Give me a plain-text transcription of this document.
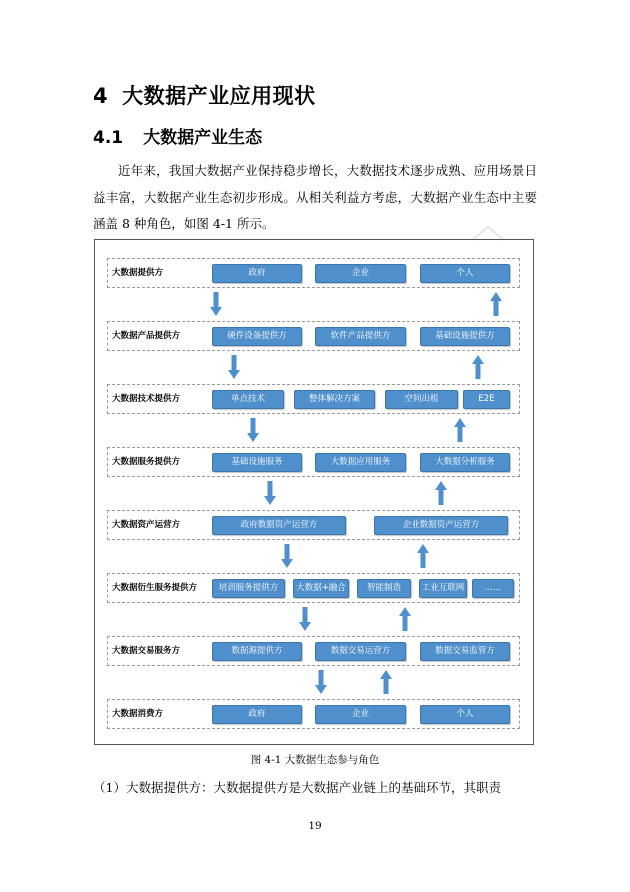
4 大数据产业应用现状
4.1 大数据产业生态
近年来，我国大数据产业保持稳步增长，大数据技术逐步成熟、应用场景日益丰富，大数据产业生态初步形成。从相关利益方考虑，大数据产业生态中主要涵盖 8 种角色，如图 4-1 所示。
大数据提供方	政府	企业	个人
大数据产品提供方	硬件设备提供方	软件产品提供方	基础设施提供方
大数据技术提供方	单点技术	整体解决方案	空间出租	E2E
大数据服务提供方	基础设施服务	大数据应用服务	大数据分析服务
大数据资产运营方	政府数据资产运营方	企业数据资产运营方
大数据衍生服务提供方	培训服务提供方	大数据+融合	智能制造	工业互联网	......
大数据交易服务方	数据源提供方	数据交易运营方	数据交易监管方
大数据消费方	政府	企业	个人
图 4-1 大数据生态参与角色
（1）大数据提供方：大数据提供方是大数据产业链上的基础环节，其职责
19
